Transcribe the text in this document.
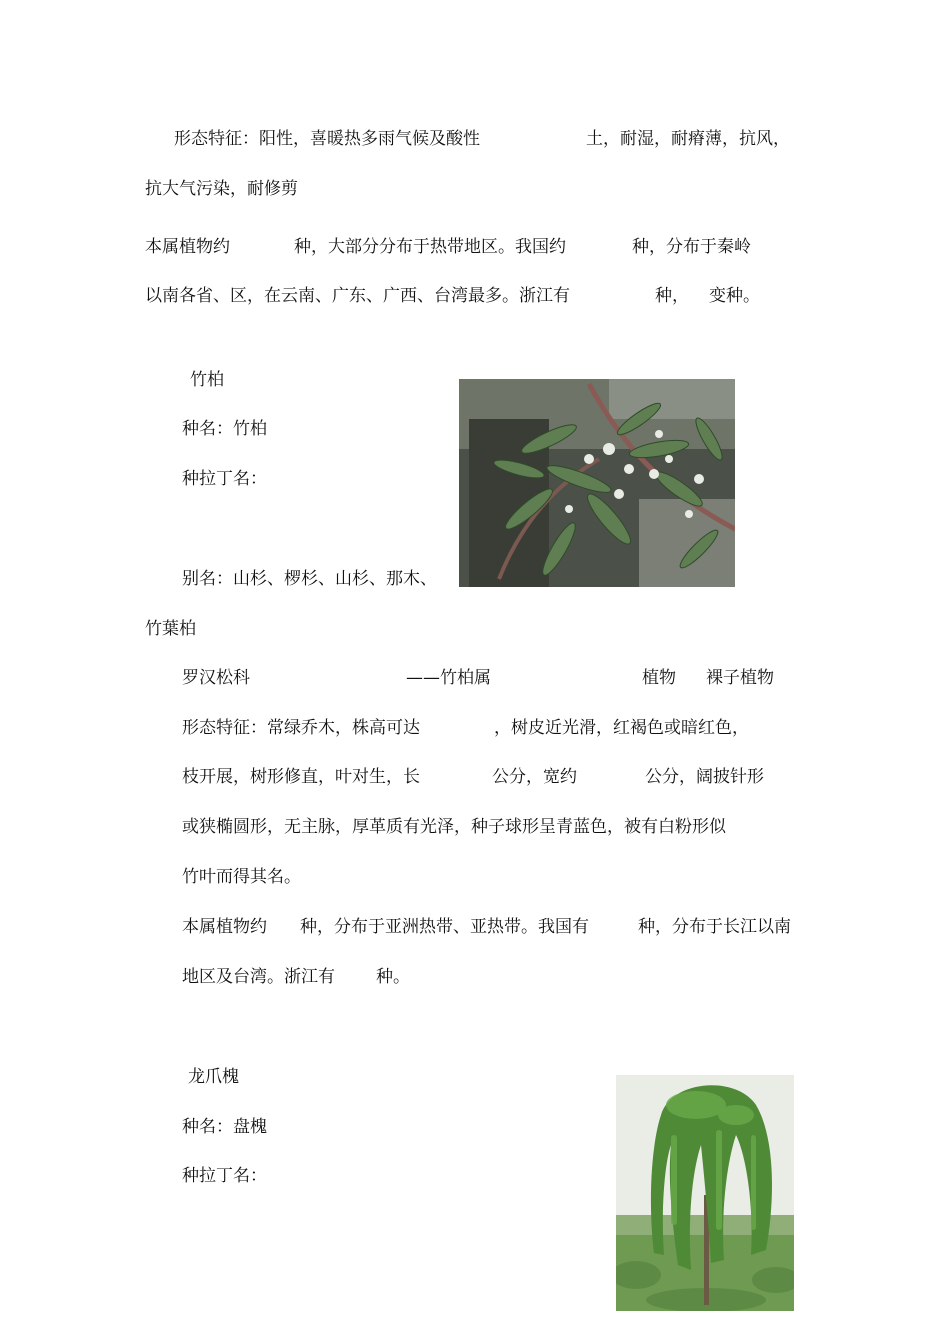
形态特征：阳性，喜暖热多雨气候及酸性	土，耐湿，耐瘠薄，抗风，
抗大气污染，耐修剪
本属植物约	种，大部分分布于热带地区。我国约	种，分布于秦岭
以南各省、区，在云南、广东、广西、台湾最多。浙江有	种， 变种。
竹柏
种名：竹柏
种拉丁名：
别名：山杉、椤杉、山杉、那木、
竹葉柏
罗汉松科	——竹柏属	植物 裸子植物
形态特征：常绿乔木，株高可达	，树皮近光滑，红褐色或暗红色，
枝开展，树形修直，叶对生，长	公分，宽约	公分，阔披针形
或狭椭圆形，无主脉，厚革质有光泽，种子球形呈青蓝色，被有白粉形似
竹叶而得其名。
本属植物约 种，分布于亚洲热带、亚热带。我国有	种，分布于长江以南
地区及台湾。浙江有 种。
龙爪槐
种名：盘槐
种拉丁名：
